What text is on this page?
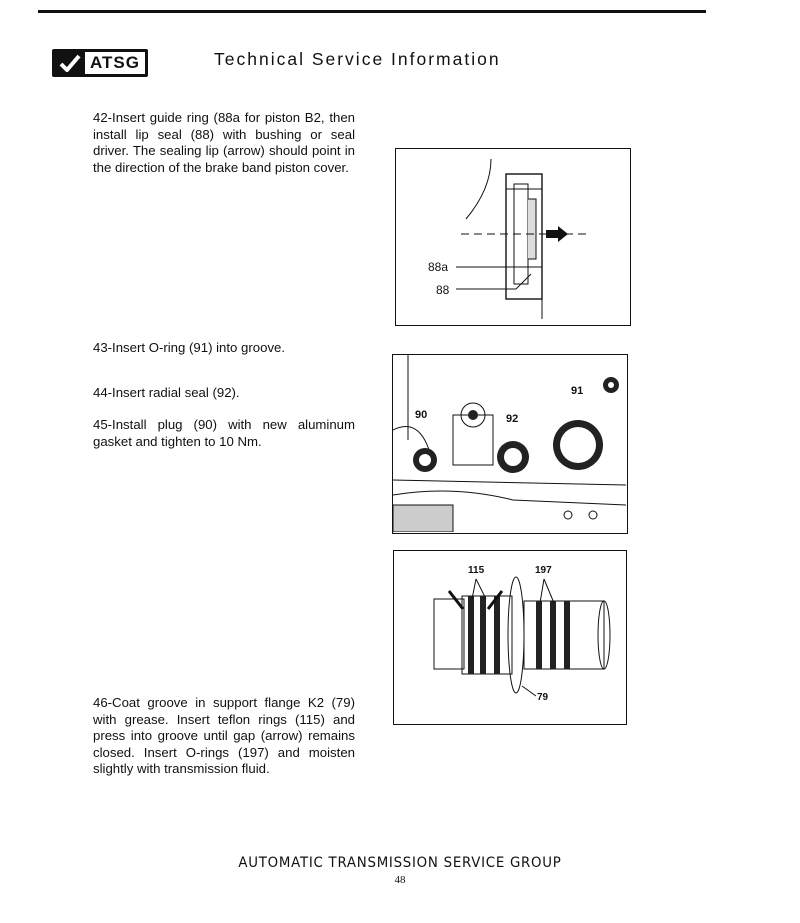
ATSG	Technical Service Information
42-Insert guide ring (88a for piston B2, then install lip seal (88) with bushing or seal driver. The sealing lip (arrow) should point in the direction of the brake band piston cover.
43-Insert O-ring (91) into groove.
44-Insert radial seal (92).
45-Install plug (90) with new aluminum gasket and tighten to 10 Nm.
46-Coat groove in support flange K2 (79) with grease. Insert teflon rings (115) and press into groove until gap (arrow) remains closed. Insert O-rings (197) and moisten slightly with transmission fluid.
88a
88
90	92
91
115	197
79
AUTOMATIC TRANSMISSION SERVICE GROUP
48
